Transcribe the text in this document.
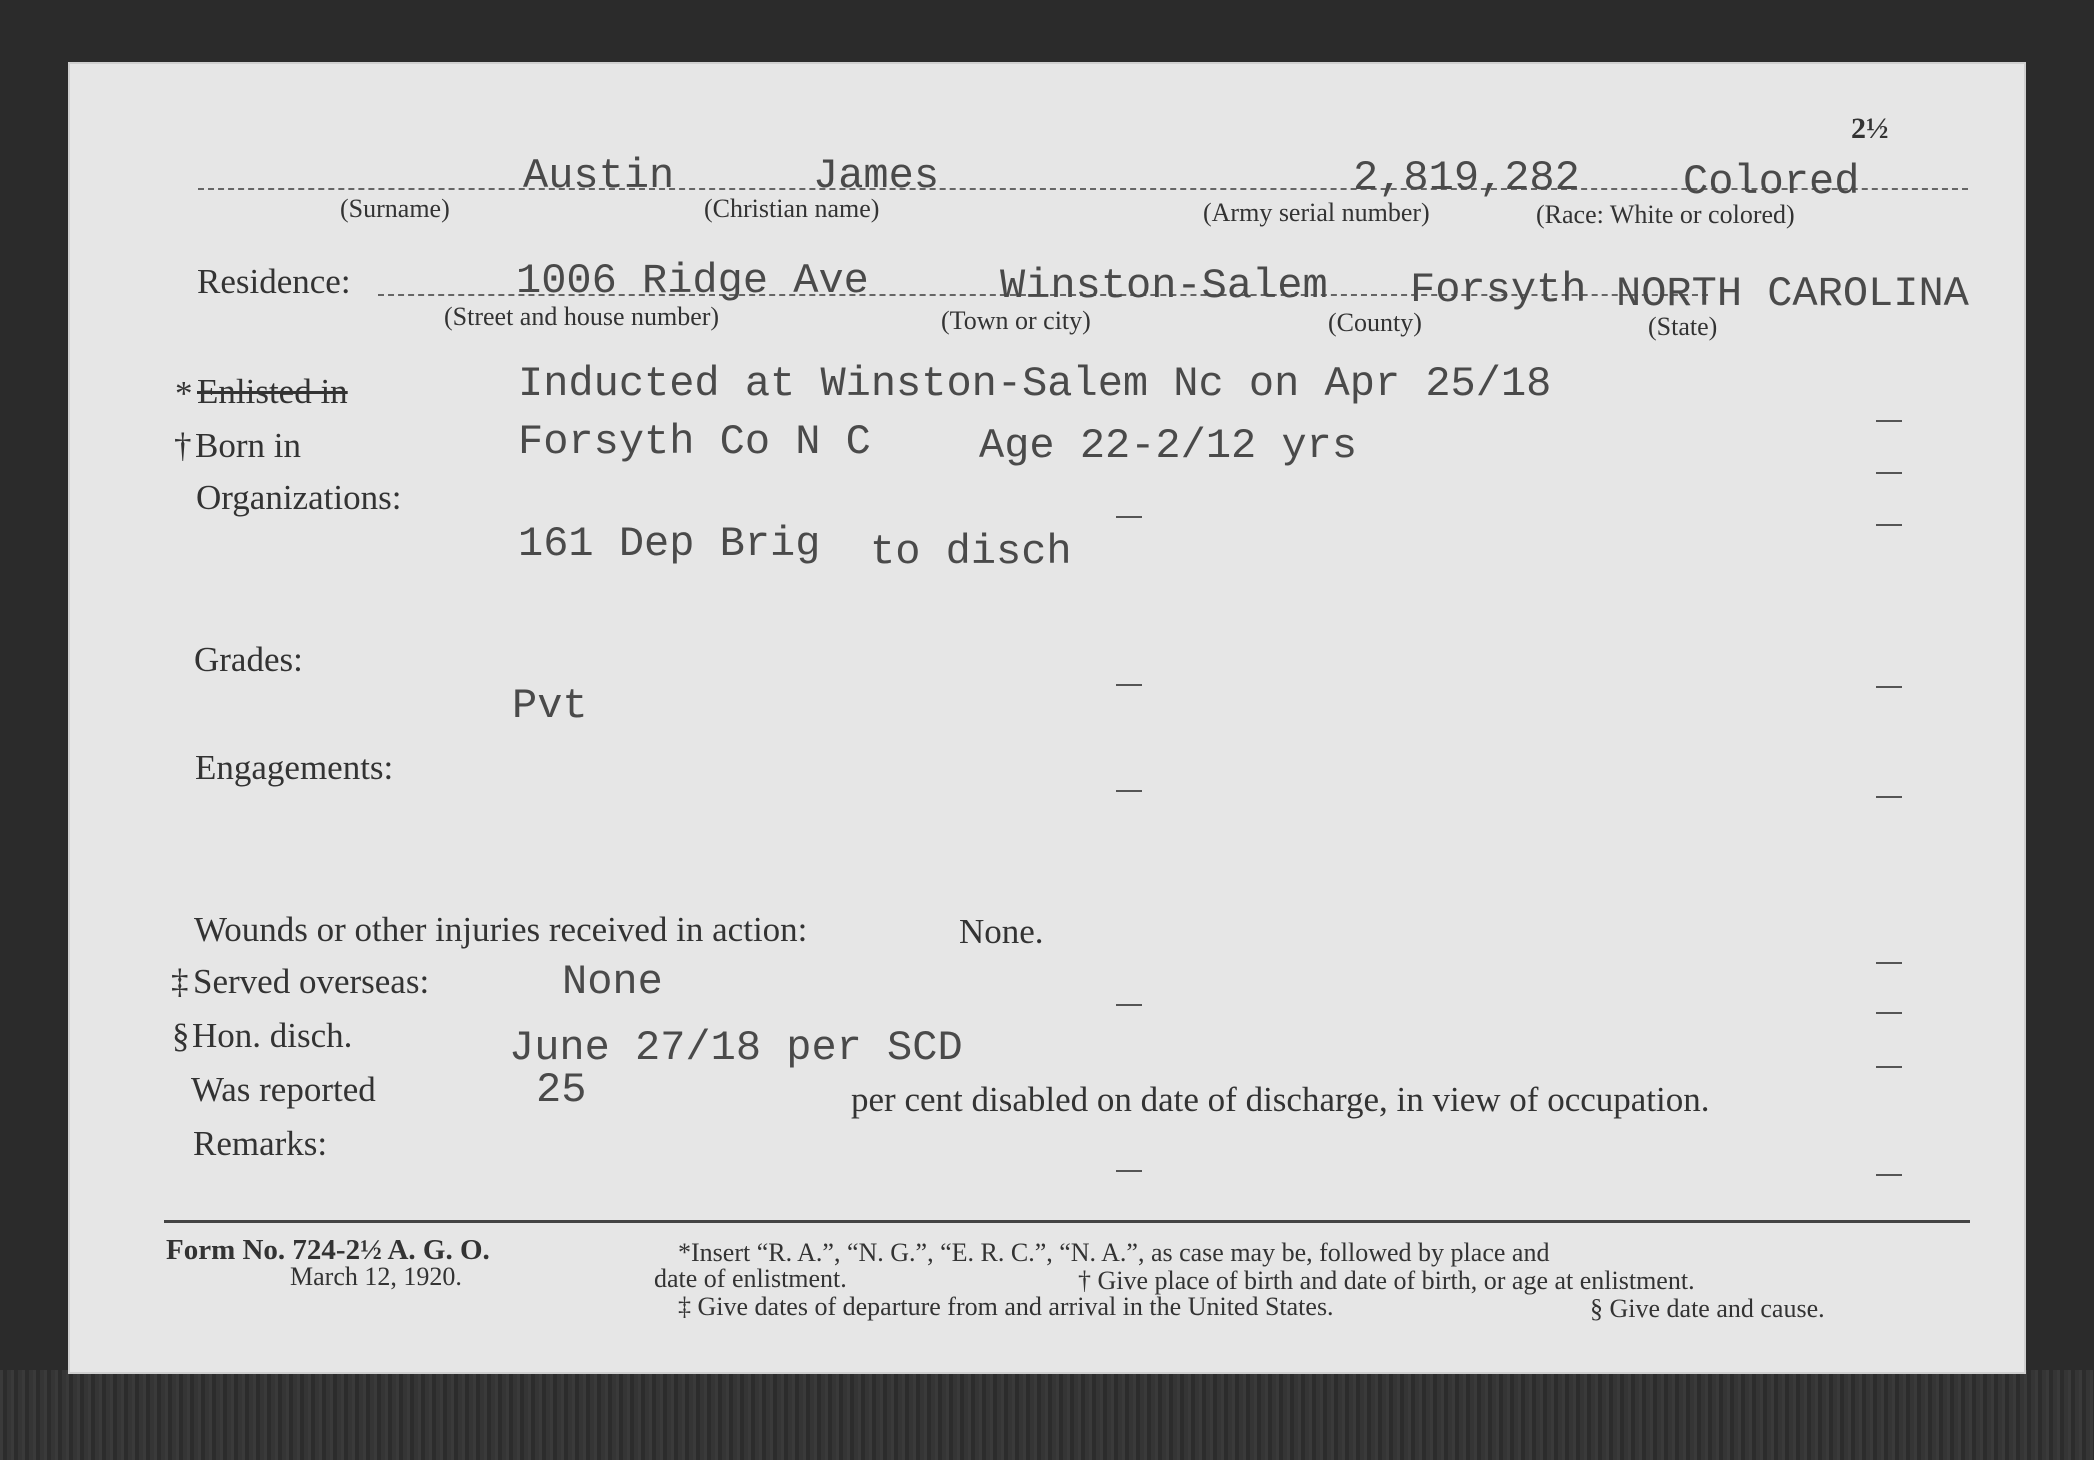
2½
Austin	James	2,819,282 Colored
(Surname)	(Christian name)	(Army serial number)	(Race: White or colored)
Residence:	1006 Ridge Ave	Winston-Salem Forsyth NORTH CAROLINA
(Street and house number)	(Town or city)	(County)	(State)
* Enlisted in	Inducted at Winston-Salem Nc on Apr 25/18
† Born in	Forsyth Co N C	Age 22-2/12 yrs
Organizations:
161 Dep Brig to disch
Grades:
Pvt
Engagements:
Wounds or other injuries received in action:	None.
‡ Served overseas:	None
§ Hon. disch.	June 27/18 per SCD
Was reported	25	per cent disabled on date of discharge, in view of occupation.
Remarks:
Form No. 724-2½ A. G. O.
March 12, 1920.
*Insert “R. A.”, “N. G.”, “E. R. C.”, “N. A.”, as case may be, followed by place and
date of enlistment.	† Give place of birth and date of birth, or age at enlistment.
‡ Give dates of departure from and arrival in the United States.	§ Give date and cause.
